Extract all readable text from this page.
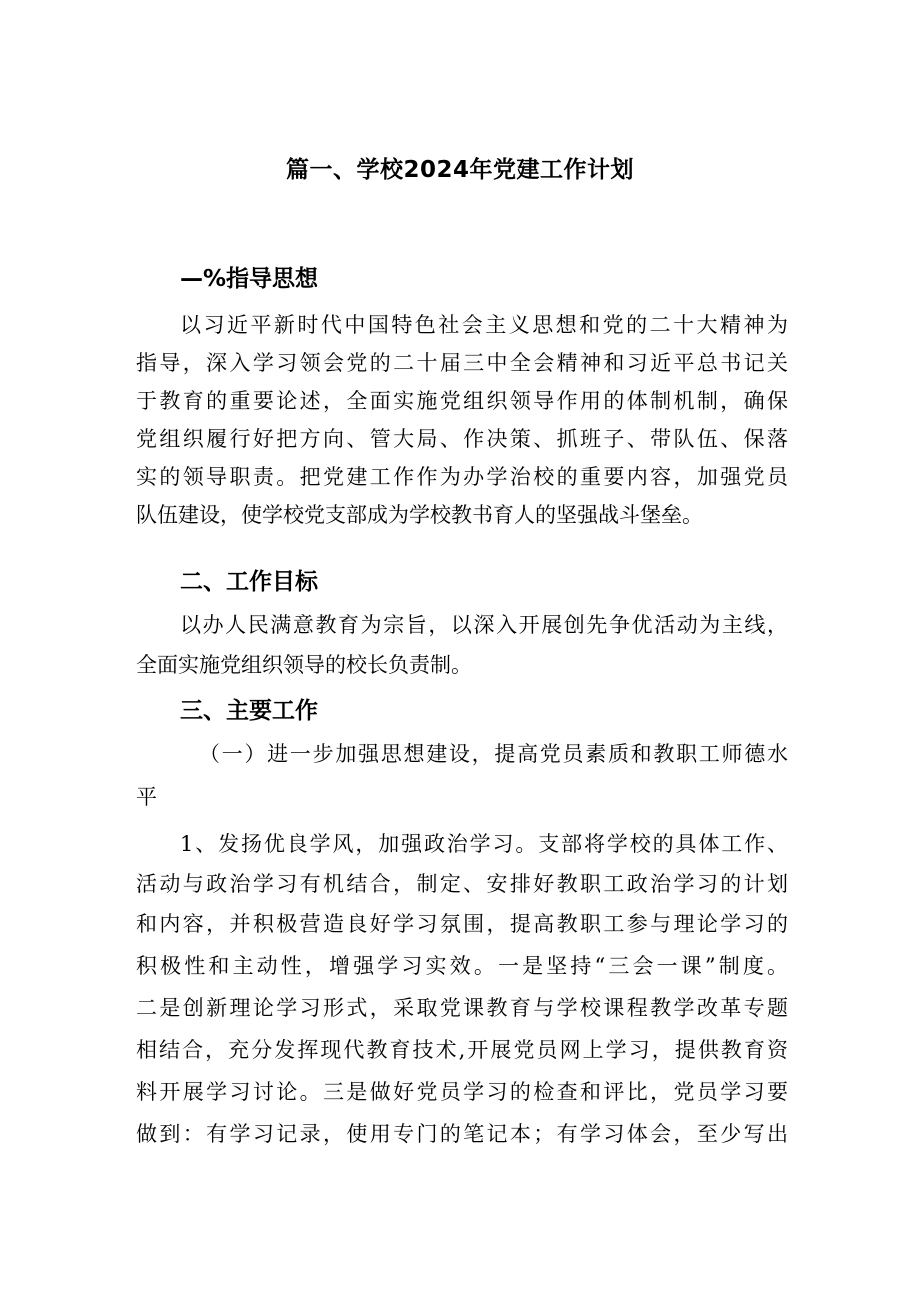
篇一、学校2024年党建工作计划
—%指导思想

以习近平新时代中国特色社会主义思想和党的二十大精神为

指导，深入学习领会党的二十届三中全会精神和习近平总书记关

于教育的重要论述，全面实施党组织领导作用的体制机制，确保

党组织履行好把方向、管大局、作决策、抓班子、带队伍、保落

实的领导职责。把党建工作作为办学治校的重要内容，加强党员

队伍建设，使学校党支部成为学校教书育人的坚强战斗堡垒。

二、工作目标

以办人民满意教育为宗旨，以深入开展创先争优活动为主线，

全面实施党组织领导的校长负责制。

三、主要工作

（一）进一步加强思想建设，提高党员素质和教职工师德水

平

1、发扬优良学风，加强政治学习。支部将学校的具体工作、

活动与政治学习有机结合，制定、安排好教职工政治学习的计划

和内容，并积极营造良好学习氛围，提高教职工参与理论学习的

积极性和主动性，增强学习实效。一是坚持“三会一课”制度。

二是创新理论学习形式，采取党课教育与学校课程教学改革专题

相结合，充分发挥现代教育技术,开展党员网上学习，提供教育资

料开展学习讨论。三是做好党员学习的检查和评比，党员学习要

做到：有学习记录，使用专门的笔记本；有学习体会，至少写出
